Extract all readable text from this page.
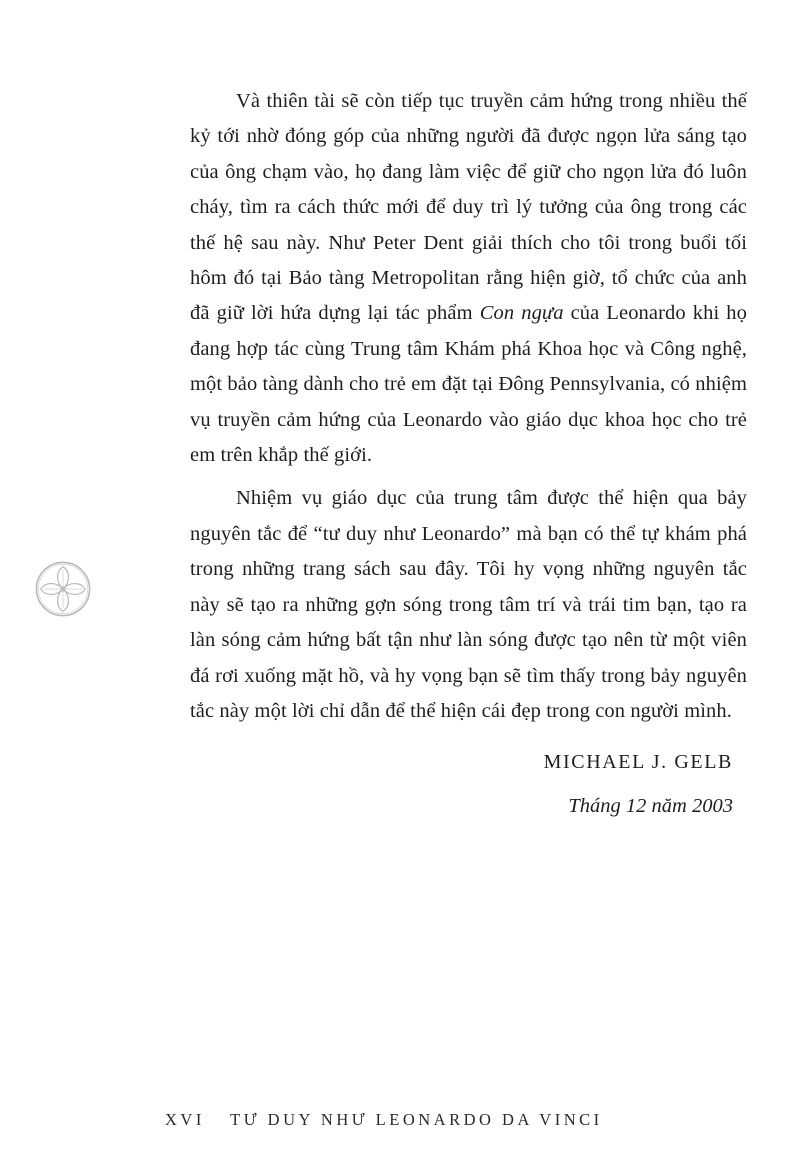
Và thiên tài sẽ còn tiếp tục truyền cảm hứng trong nhiều thế kỷ tới nhờ đóng góp của những người đã được ngọn lửa sáng tạo của ông chạm vào, họ đang làm việc để giữ cho ngọn lửa đó luôn cháy, tìm ra cách thức mới để duy trì lý tưởng của ông trong các thế hệ sau này. Như Peter Dent giải thích cho tôi trong buổi tối hôm đó tại Bảo tàng Metropolitan rằng hiện giờ, tổ chức của anh đã giữ lời hứa dựng lại tác phẩm Con ngựa của Leonardo khi họ đang hợp tác cùng Trung tâm Khám phá Khoa học và Công nghệ, một bảo tàng dành cho trẻ em đặt tại Đông Pennsylvania, có nhiệm vụ truyền cảm hứng của Leonardo vào giáo dục khoa học cho trẻ em trên khắp thế giới.

Nhiệm vụ giáo dục của trung tâm được thể hiện qua bảy nguyên tắc để “tư duy như Leonardo” mà bạn có thể tự khám phá trong những trang sách sau đây. Tôi hy vọng những nguyên tắc này sẽ tạo ra những gợn sóng trong tâm trí và trái tim bạn, tạo ra làn sóng cảm hứng bất tận như làn sóng được tạo nên từ một viên đá rơi xuống mặt hồ, và hy vọng bạn sẽ tìm thấy trong bảy nguyên tắc này một lời chỉ dẫn để thể hiện cái đẹp trong con người mình.

MICHAEL J. GELB

Tháng 12 năm 2003

XVI TƯ DUY NHƯ LEONARDO DA VINCI
